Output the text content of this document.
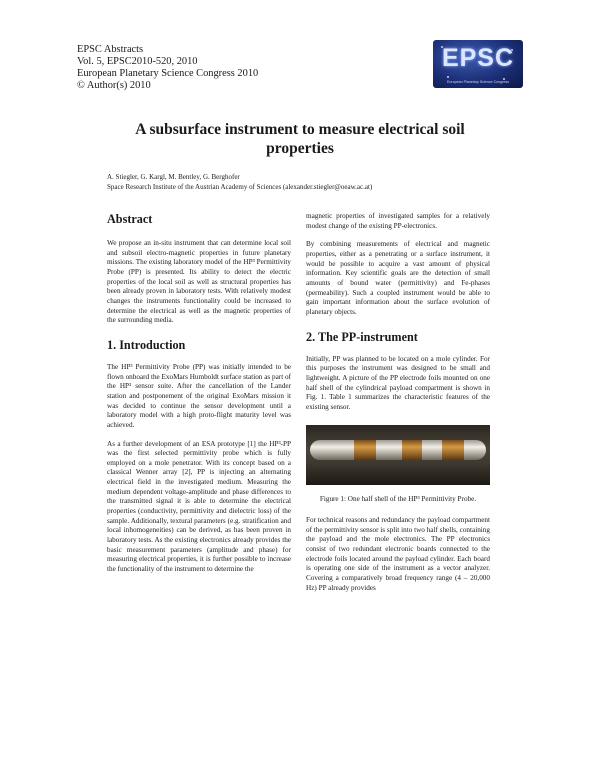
EPSC Abstracts
Vol. 5, EPSC2010-520, 2010
European Planetary Science Congress 2010
© Author(s) 2010
EPSC
European Planetary Science Congress
A subsurface instrument to measure electrical soil properties
A. Stiegler, G. Kargl, M. Bentley, G. Berghofer
Space Research Institute of the Austrian Academy of Sciences (alexander.stiegler@oeaw.ac.at)
Abstract

We propose an in-situ instrument that can determine local soil and subsoil electro-magnetic properties in future planetary missions. The existing laboratory model of the HP³ Permittivity Probe (PP) is presented. Its ability to detect the electric properties of the local soil as well as structural properties has been already proven in laboratory tests. With relatively modest changes the instruments functionality could be increased to determine the electrical as well as the magnetic properties of the surrounding media.

1. Introduction

The HP³ Permittivity Probe (PP) was initially intended to be flown onboard the ExoMars Humboldt surface station as part of the HP³ sensor suite. After the cancellation of the Lander station and postponement of the original ExoMars mission it was decided to continue the sensor development until a laboratory model with a high proto-flight maturity level was achieved.

As a further development of an ESA prototype [1] the HP³-PP was the first selected permittivity probe which is fully employed on a mole penetrator. With its concept based on a classical Wenner array [2], PP is injecting an alternating electrical field in the investigated medium. Measuring the medium dependent voltage-amplitude and phase differences to the transmitted signal it is able to determine the electrical properties (conductivity, permittivity and dielectric loss) of the sample. Additionally, textural parameters (e.g. stratification and local inhomogeneities) can be derived, as has been proven in laboratory tests. As the existing electronics already provides the basic measurement parameters (amplitude and phase) for measuring electrical properties, it is further possible to increase the functionality of the instrument to determine the

magnetic properties of investigated samples for a relatively modest change of the existing PP-electronics.

By combining measurements of electrical and magnetic properties, either as a penetrating or a surface instrument, it would be possible to acquire a vast amount of physical information. Key scientific goals are the detection of small amounts of bound water (permittivity) and Fe-phases (permeability). Such a coupled instrument would be able to gain important information about the surface evolution of planetary objects.

2. The PP-instrument

Initially, PP was planned to be located on a mole cylinder. For this purposes the instrument was designed to be small and lightweight. A picture of the PP electrode foils mounted on one half shell of the cylindrical payload compartment is shown in Fig. 1. Table 1 summarizes the characteristic features of the existing sensor.

Figure 1: One half shell of the HP³ Permittivity Probe.

For technical reasons and redundancy the payload compartment of the permittivity sensor is split into two half shells, containing the payload and the mole electronics. The PP electronics consist of two redundant electronic boards connected to the electrode foils located around the payload cylinder. Each board is operating one side of the instrument as a vector analyzer. Covering a comparatively broad frequency range (4 – 20,000 Hz) PP already provides
